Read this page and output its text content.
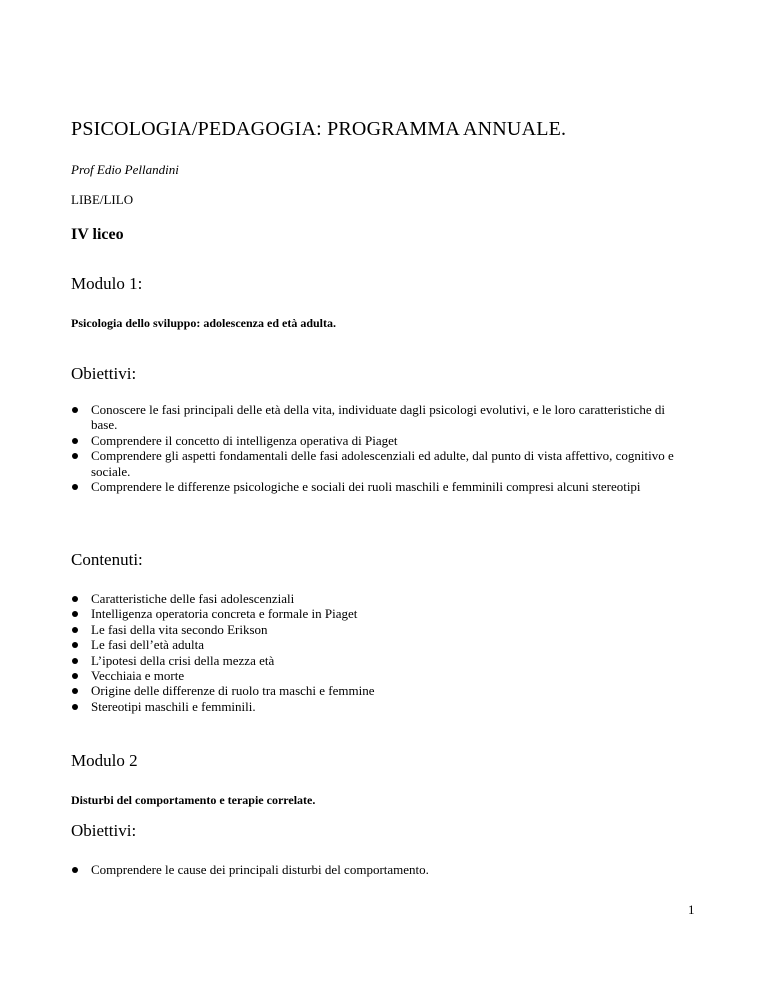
PSICOLOGIA/PEDAGOGIA: PROGRAMMA ANNUALE.
Prof Edio Pellandini
LIBE/LILO
IV liceo
Modulo 1:
Psicologia dello sviluppo: adolescenza ed età adulta.
Obiettivi:
Conoscere le fasi principali delle età della vita, individuate dagli psicologi evolutivi, e le loro caratteristiche di base.
Comprendere il concetto di intelligenza operativa di Piaget
Comprendere gli aspetti fondamentali delle fasi adolescenziali ed adulte, dal punto di vista affettivo, cognitivo e sociale.
Comprendere le differenze psicologiche e sociali dei ruoli maschili e femminili compresi alcuni stereotipi
Contenuti:
Caratteristiche delle fasi adolescenziali
Intelligenza operatoria concreta e formale in Piaget
Le fasi della vita secondo Erikson
Le fasi dell’età adulta
L’ipotesi della crisi della mezza età
Vecchiaia e morte
Origine delle differenze di ruolo tra maschi e femmine
Stereotipi maschili e femminili.
Modulo 2
Disturbi del comportamento e terapie correlate.
Obiettivi:
Comprendere le cause dei principali disturbi del comportamento.
1
